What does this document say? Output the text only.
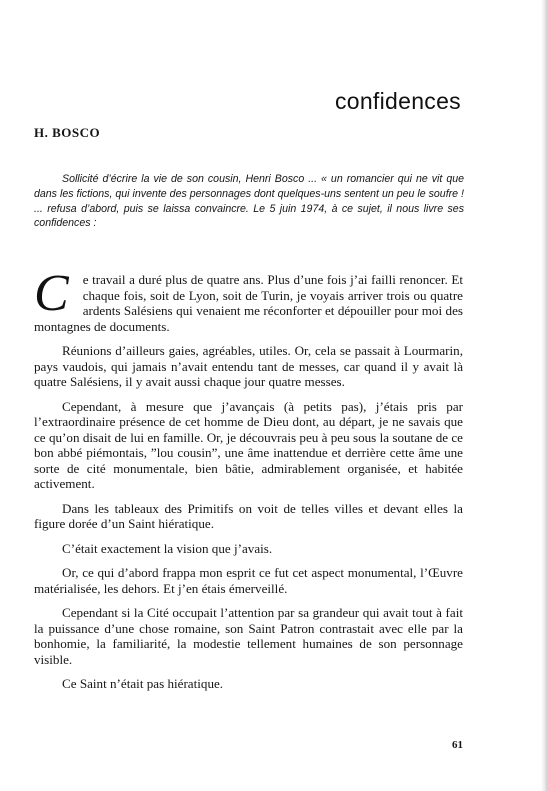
confidences
H. BOSCO

Sollicité d’écrire la vie de son cousin, Henri Bosco ... « un romancier qui ne vit que dans les fictions, qui invente des personnages dont quelques-uns sentent un peu le soufre ! ... refusa d’abord, puis se laissa convaincre. Le 5 juin 1974, à ce sujet, il nous livre ses confidences :

C	e travail a duré plus de quatre ans. Plus d’une fois j’ai failli renoncer. Et chaque fois, soit de Lyon, soit de Turin, je voyais arriver trois ou quatre ardents Salésiens qui venaient me réconforter et dépouiller pour moi des montagnes de documents.

Réunions d’ailleurs gaies, agréables, utiles. Or, cela se passait à Lourmarin, pays vaudois, qui jamais n’avait entendu tant de messes, car quand il y avait là quatre Salésiens, il y avait aussi chaque jour quatre messes.

Cependant, à mesure que j’avançais (à petits pas), j’étais pris par l’extraordinaire présence de cet homme de Dieu dont, au départ, je ne savais que ce qu’on disait de lui en famille. Or, je découvrais peu à peu sous la soutane de ce bon abbé piémontais, ”lou cousin”, une âme inattendue et derrière cette âme une sorte de cité monumentale, bien bâtie, admirablement organisée, et habitée activement.

Dans les tableaux des Primitifs on voit de telles villes et devant elles la figure dorée d’un Saint hiératique.

C’était exactement la vision que j’avais.

Or, ce qui d’abord frappa mon esprit ce fut cet aspect monumental, l’Œuvre matérialisée, les dehors. Et j’en étais émerveillé.

Cependant si la Cité occupait l’attention par sa grandeur qui avait tout à fait la puissance d’une chose romaine, son Saint Patron contrastait avec elle par la bonhomie, la familiarité, la modestie tellement humaines de son personnage visible.

Ce Saint n’était pas hiératique.

61
